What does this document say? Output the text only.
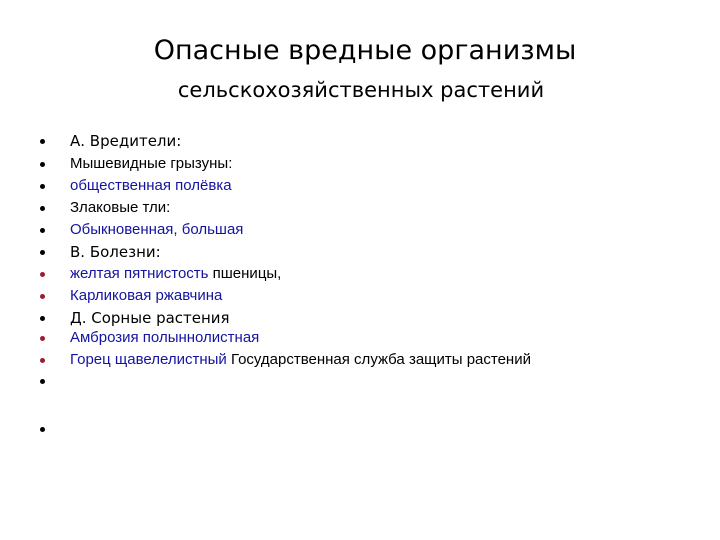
Опасные вредные организмы
сельскохозяйственных растений
А. Вредители:
Мышевидные грызуны:
общественная полёвка
Злаковые тли:
Обыкновенная, большая
В. Болезни:
желтая пятнистость пшеницы,
Карликовая ржавчина
Д. Сорные растения
Амброзия полыннолистная
Горец щавелелистный Государственная служба защиты растений
